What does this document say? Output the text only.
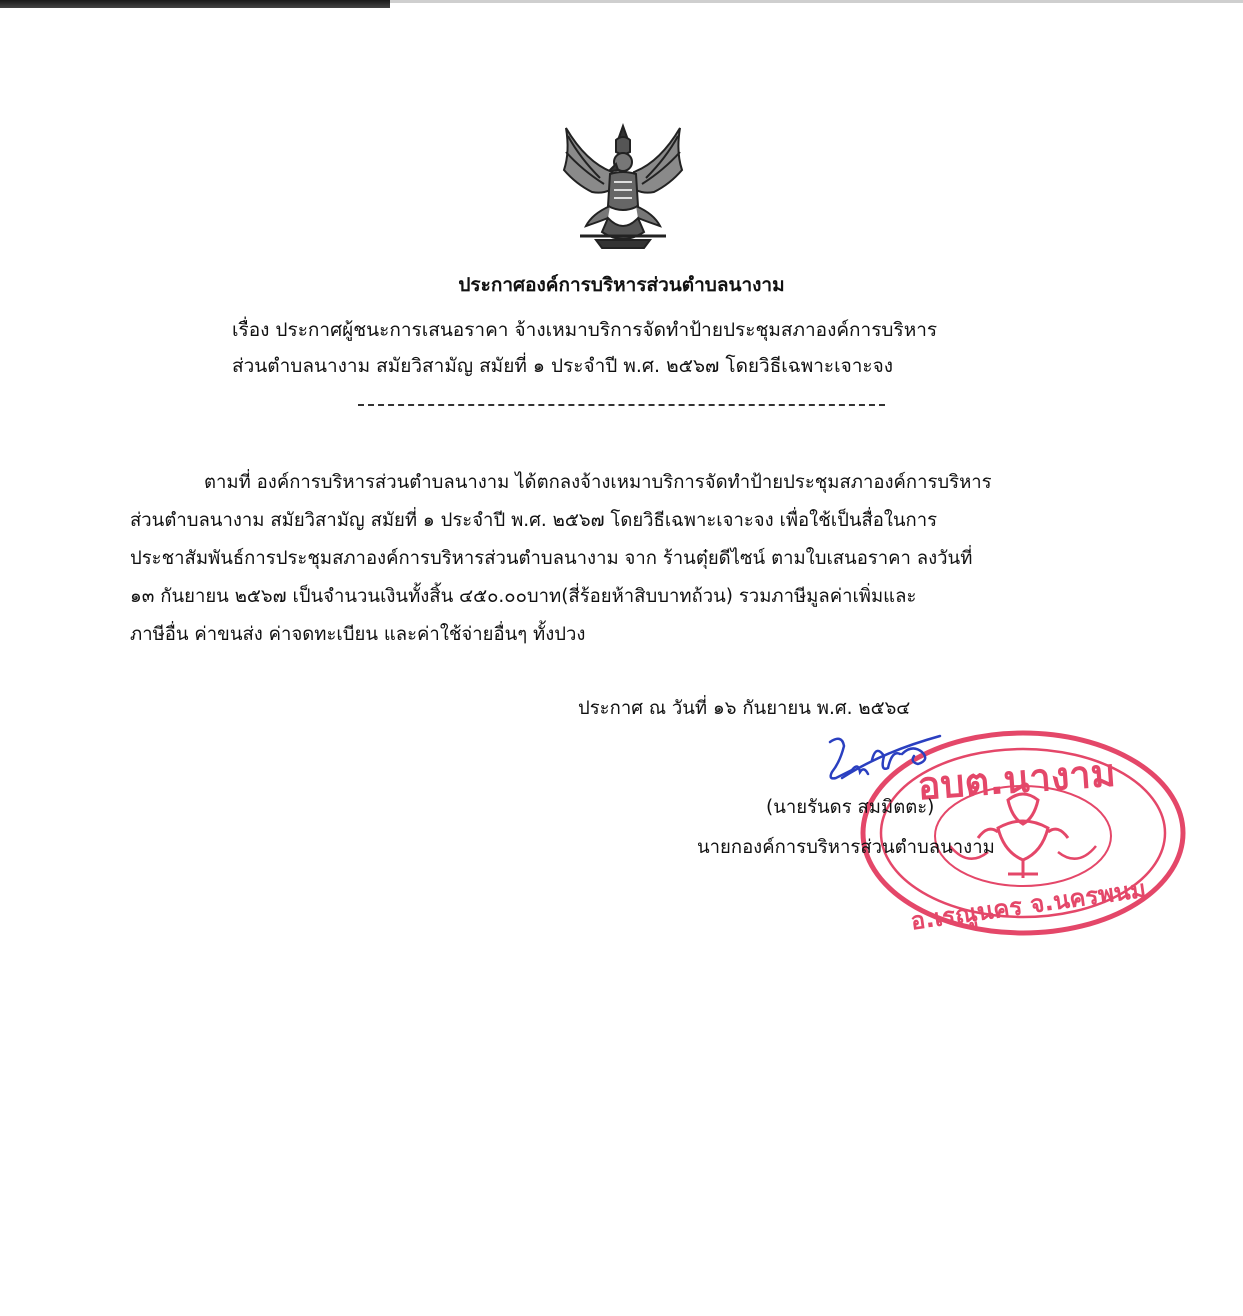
ประกาศองค์การบริหารส่วนตำบลนางาม
เรื่อง ประกาศผู้ชนะการเสนอราคา จ้างเหมาบริการจัดทำป้ายประชุมสภาองค์การบริหาร
ส่วนตำบลนางาม สมัยวิสามัญ สมัยที่ ๑ ประจำปี พ.ศ. ๒๕๖๗ โดยวิธีเฉพาะเจาะจง
ตามที่ องค์การบริหารส่วนตำบลนางาม ได้ตกลงจ้างเหมาบริการจัดทำป้ายประชุมสภาองค์การบริหาร
ส่วนตำบลนางาม สมัยวิสามัญ สมัยที่ ๑ ประจำปี พ.ศ. ๒๕๖๗ โดยวิธีเฉพาะเจาะจง เพื่อใช้เป็นสื่อในการ
ประชาสัมพันธ์การประชุมสภาองค์การบริหารส่วนตำบลนางาม จาก ร้านตุ๋ยดีไซน์ ตามใบเสนอราคา ลงวันที่
๑๓ กันยายน ๒๕๖๗ เป็นจำนวนเงินทั้งสิ้น ๔๕๐.๐๐บาท(สี่ร้อยห้าสิบบาทถ้วน) รวมภาษีมูลค่าเพิ่มและ
ภาษีอื่น ค่าขนส่ง ค่าจดทะเบียน และค่าใช้จ่ายอื่นๆ ทั้งปวง
ประกาศ ณ วันที่ ๑๖ กันยายน พ.ศ. ๒๕๖๔
อบต.นางาม
อ.เรณูนคร จ.นครพนม
(นายรันดร สมมิตตะ)
นายกองค์การบริหารส่วนตำบลนางาม
